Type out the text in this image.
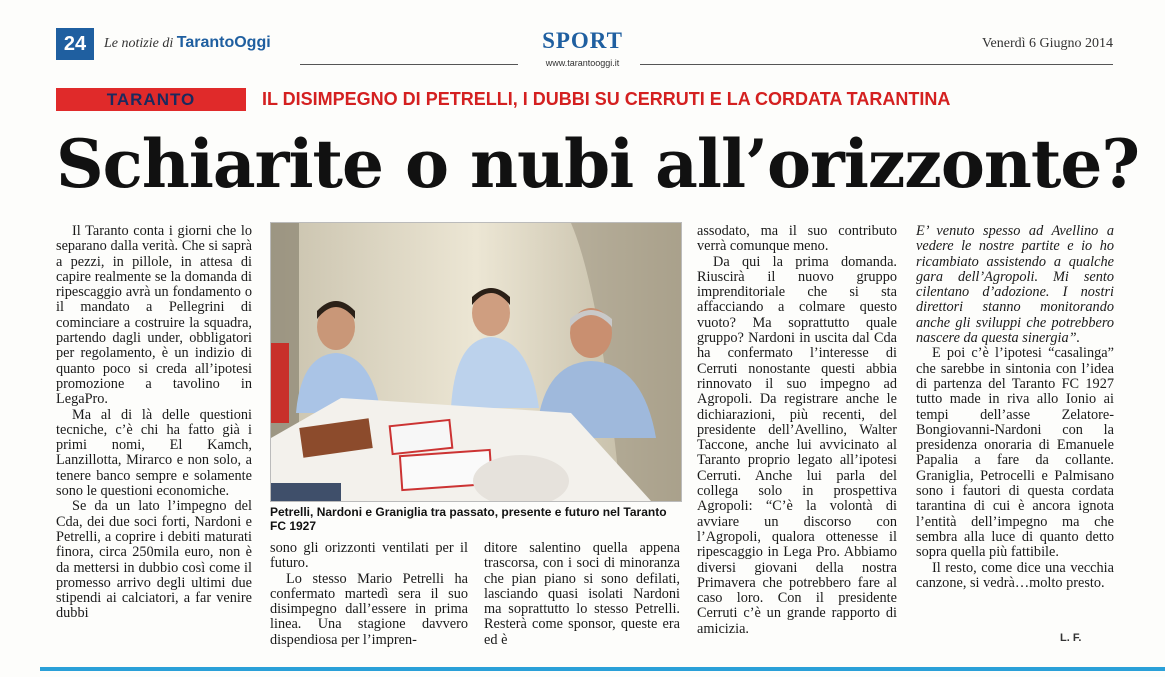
24	Le notizie di TarantoOggi	SPORT
www.tarantooggi.it
Venerdì 6 Giugno 2014
TARANTO	IL DISIMPEGNO DI PETRELLI, I DUBBI SU CERRUTI E LA CORDATA TARANTINA
Schiarite o nubi all’orizzonte?

Il Taranto conta i giorni che lo separano dalla verità. Che si saprà a pezzi, in pillole, in attesa di capire realmente se la domanda di ripescaggio avrà un fondamento o il mandato a Pellegrini di cominciare a costruire la squadra, partendo dagli under, obbligatori per regolamento, è un indizio di quanto poco si creda all’ipotesi promozione a tavolino in LegaPro.

Ma al di là delle questioni tecniche, c’è chi ha fatto già i primi nomi, El Kamch, Lanzillotta, Mirarco e non solo, a tenere banco sempre e solamente sono le questioni economiche.

Se da un lato l’impegno del Cda, dei due soci forti, Nardoni e Petrelli, a coprire i debiti maturati finora, circa 250mila euro, non è da mettersi in dubbio così come il promesso arrivo degli ultimi due stipendi ai calciatori, a far venire dubbi

Petrelli, Nardoni e Graniglia tra passato, presente e futuro nel Taranto FC 1927

sono gli orizzonti ventilati per il futuro.

Lo stesso Mario Petrelli ha confermato martedì sera il suo disimpegno dall’essere in prima linea. Una stagione davvero dispendiosa per l’impren-

ditore salentino quella appena trascorsa, con i soci di minoranza che pian piano si sono defilati, lasciando quasi isolati Nardoni ma soprattutto lo stesso Petrelli. Resterà come sponsor, queste era ed è

assodato, ma il suo contributo verrà comunque meno.

Da qui la prima domanda. Riuscirà il nuovo gruppo imprenditoriale che si sta affacciando a colmare questo vuoto? Ma soprattutto quale gruppo? Nardoni in uscita dal Cda ha confermato l’interesse di Cerruti nonostante questi abbia rinnovato il suo impegno ad Agropoli. Da registrare anche le dichiarazioni, più recenti, del presidente dell’Avellino, Walter Taccone, anche lui avvicinato al Taranto proprio legato all’ipotesi Cerruti. Anche lui parla del collega solo in prospettiva Agropoli: “C’è la volontà di avviare un discorso con l’Agropoli, qualora ottenesse il ripescaggio in Lega Pro. Abbiamo diversi giovani della nostra Primavera che potrebbero fare al caso loro. Con il presidente Cerruti c’è un grande rapporto di amicizia.

E’ venuto spesso ad Avellino a vedere le nostre partite e io ho ricambiato assistendo a qualche gara dell’Agropoli. Mi sento cilentano d’adozione. I nostri direttori stanno monitorando anche gli sviluppi che potrebbero nascere da questa sinergia”.

E poi c’è l’ipotesi “casalinga” che sarebbe in sintonia con l’idea di partenza del Taranto FC 1927 tutto made in riva allo Ionio ai tempi dell’asse Zelatore-Bongiovanni-Nardoni con la presidenza onoraria di Emanuele Papalia a fare da collante. Graniglia, Petrocelli e Palmisano sono i fautori di questa cordata tarantina di cui è ancora ignota l’entità dell’impegno ma che sembra alla luce di quanto detto sopra quella più fattibile.

Il resto, come dice una vecchia canzone, si vedrà…molto presto.

L. F.
